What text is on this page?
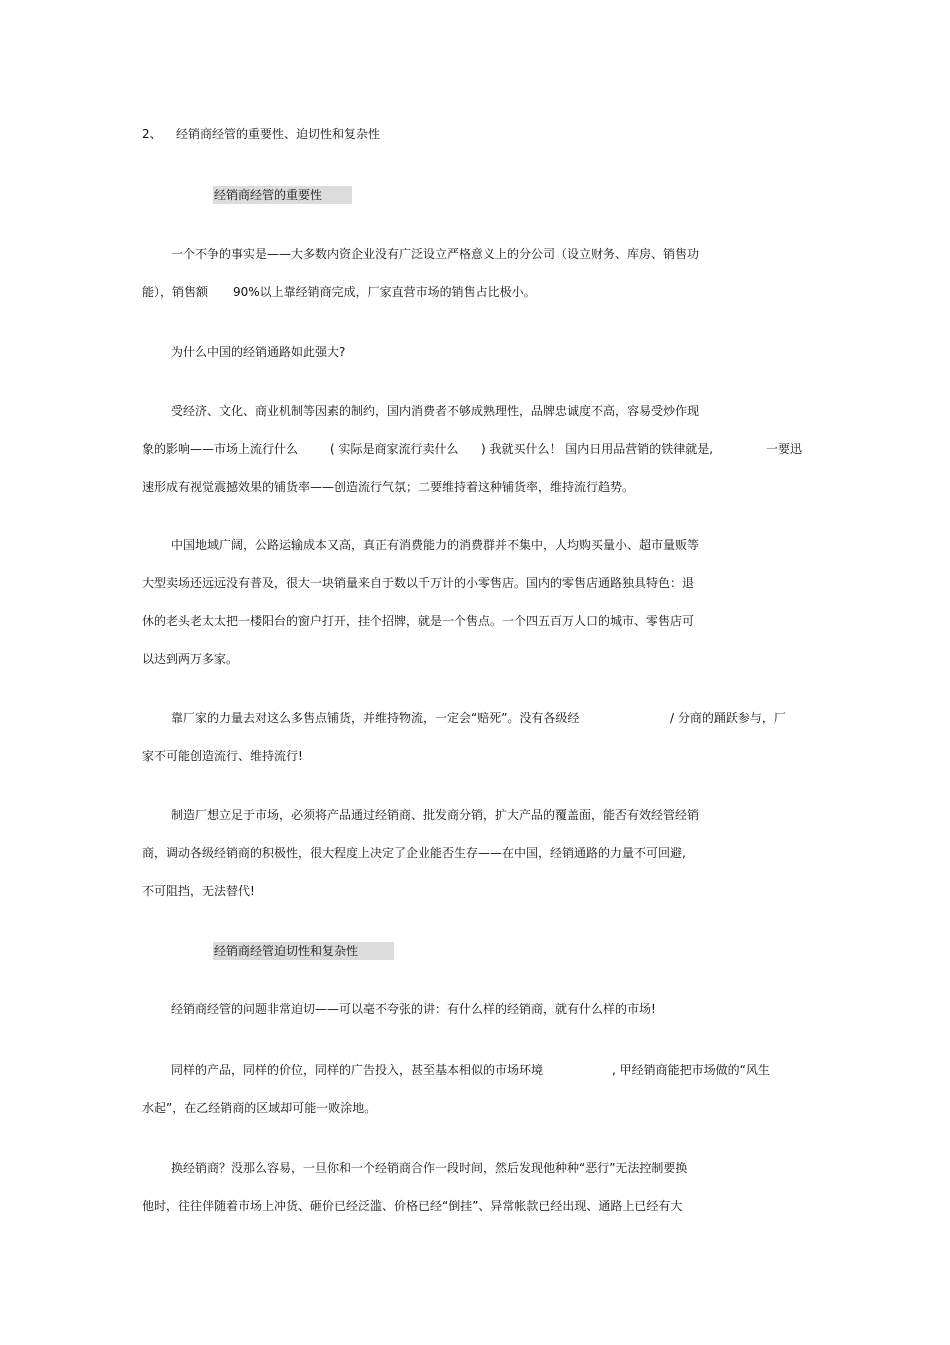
2、 经销商经管的重要性、迫切性和复杂性
经销商经管的重要性
一个不争的事实是——大多数内资企业没有广泛设立严格意义上的分公司（设立财务、库房、销售功
能），销售额 90%以上靠经销商完成，厂家直营市场的销售占比极小。
为什么中国的经销通路如此强大?
受经济、文化、商业机制等因素的制约，国内消费者不够成熟理性，品牌忠诚度不高，容易受炒作现
象的影响——市场上流行什么	( 实际是商家流行卖什么 ) 我就买什么！ 国内日用品营销的铁律就是,	一要迅
速形成有视觉震撼效果的铺货率——创造流行气氛；二要维持着这种铺货率，维持流行趋势。
中国地域广阔，公路运输成本又高，真正有消费能力的消费群并不集中，人均购买量小、超市量贩等
大型卖场还远远没有普及，很大一块销量来自于数以千万计的小零售店。国内的零售店通路独具特色：退
休的老头老太太把一楼阳台的窗户打开，挂个招牌，就是一个售点。一个四五百万人口的城市、零售店可
以达到两万多家。
靠厂家的力量去对这么多售点铺货，并维持物流，一定会“赔死”。没有各级经	/ 分商的踊跃参与，厂
家不可能创造流行、维持流行!
制造厂想立足于市场，必须将产品通过经销商、批发商分销，扩大产品的覆盖面，能否有效经管经销
商，调动各级经销商的积极性，很大程度上决定了企业能否生存——在中国，经销通路的力量不可回避,
不可阻挡，无法替代!
经销商经管迫切性和复杂性
经销商经管的问题非常迫切——可以毫不夸张的讲：有什么样的经销商，就有什么样的市场!
同样的产品，同样的价位，同样的广告投入，甚至基本相似的市场环境	, 甲经销商能把市场做的“风生
水起”，在乙经销商的区域却可能一败涂地。
换经销商？没那么容易，一旦你和一个经销商合作一段时间，然后发现他种种“恶行”无法控制要换
他时，往往伴随着市场上冲货、砸价已经泛滥、价格已经“倒挂”、异常帐款已经出现、通路上已经有大
